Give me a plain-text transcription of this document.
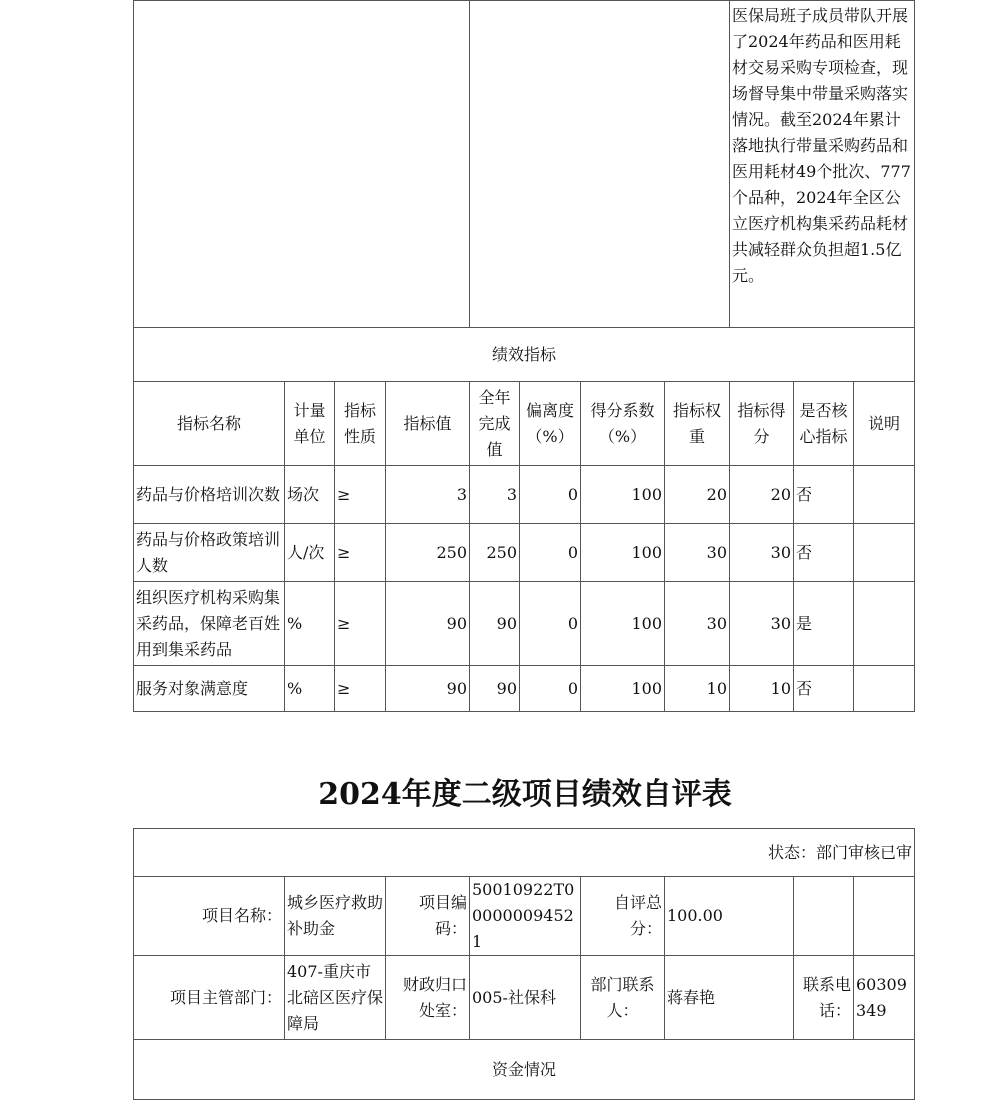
								医保局班子成员带队开展了2024年药品和医用耗材交易采购专项检查，现场督导集中带量采购落实情况。截至2024年累计落地执行带量采购药品和医用耗材49个批次、777个品种，2024年全区公立医疗机构集采药品耗材共减轻群众负担超1.5亿元。		
绩效指标										
指标名称	计量单位	指标性质	指标值	全年完成值	偏离度（%）	得分系数（%）	指标权重	指标得分	是否核心指标	说明
药品与价格培训次数	场次	≥	3	3	0	100	20	20	否	
药品与价格政策培训人数	人/次	≥	250	250	0	100	30	30	否	
组织医疗机构采购集采药品，保障老百姓用到集采药品	%	≥	90	90	0	100	30	30	是	
服务对象满意度	%	≥	90	90	0	100	10	10	否	
2024年度二级项目绩效自评表
状态：部门审核已审							
项目名称：	城乡医疗救助补助金	项目编码：	50010922T000000094521	自评总分：	100.00		
项目主管部门：	407-重庆市北碚区医疗保障局	财政归口处室：	005-社保科	部门联系人：	蒋春艳	联系电话：	60309349
资金情况							
